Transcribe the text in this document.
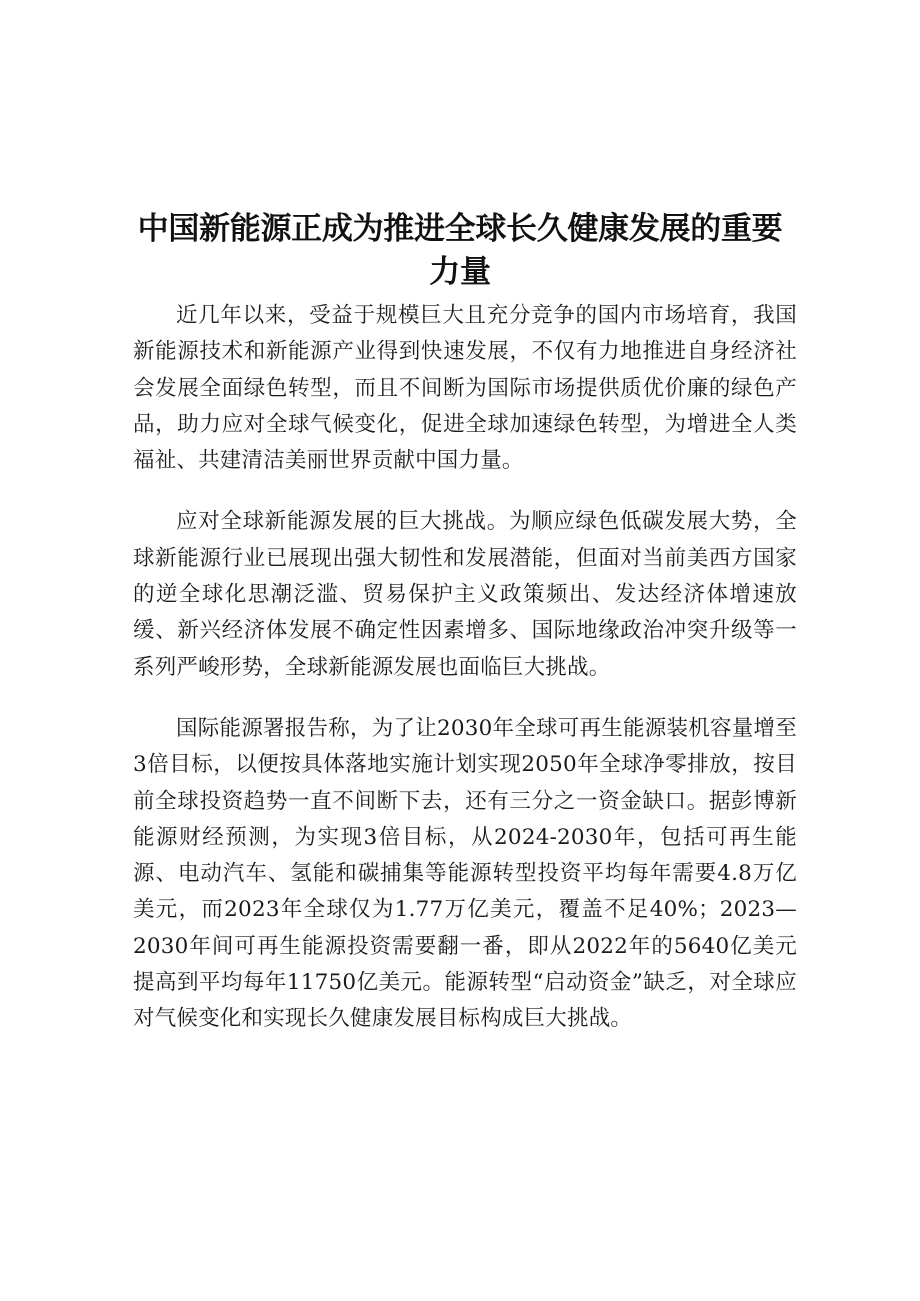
中国新能源正成为推进全球长久健康发展的重要力量

近几年以来，受益于规模巨大且充分竞争的国内市场培育，我国新能源技术和新能源产业得到快速发展，不仅有力地推进自身经济社会发展全面绿色转型，而且不间断为国际市场提供质优价廉的绿色产品，助力应对全球气候变化，促进全球加速绿色转型，为增进全人类福祉、共建清洁美丽世界贡献中国力量。

应对全球新能源发展的巨大挑战。为顺应绿色低碳发展大势，全球新能源行业已展现出强大韧性和发展潜能，但面对当前美西方国家的逆全球化思潮泛滥、贸易保护主义政策频出、发达经济体增速放缓、新兴经济体发展不确定性因素增多、国际地缘政治冲突升级等一系列严峻形势，全球新能源发展也面临巨大挑战。

国际能源署报告称，为了让2030年全球可再生能源装机容量增至3倍目标，以便按具体落地实施计划实现2050年全球净零排放，按目前全球投资趋势一直不间断下去，还有三分之一资金缺口。据彭博新能源财经预测，为实现3倍目标，从2024-2030年，包括可再生能源、电动汽车、氢能和碳捕集等能源转型投资平均每年需要4.8万亿美元，而2023年全球仅为1.77万亿美元，覆盖不足40%；2023—2030年间可再生能源投资需要翻一番，即从2022年的5640亿美元提高到平均每年11750亿美元。能源转型“启动资金”缺乏，对全球应对气候变化和实现长久健康发展目标构成巨大挑战。
